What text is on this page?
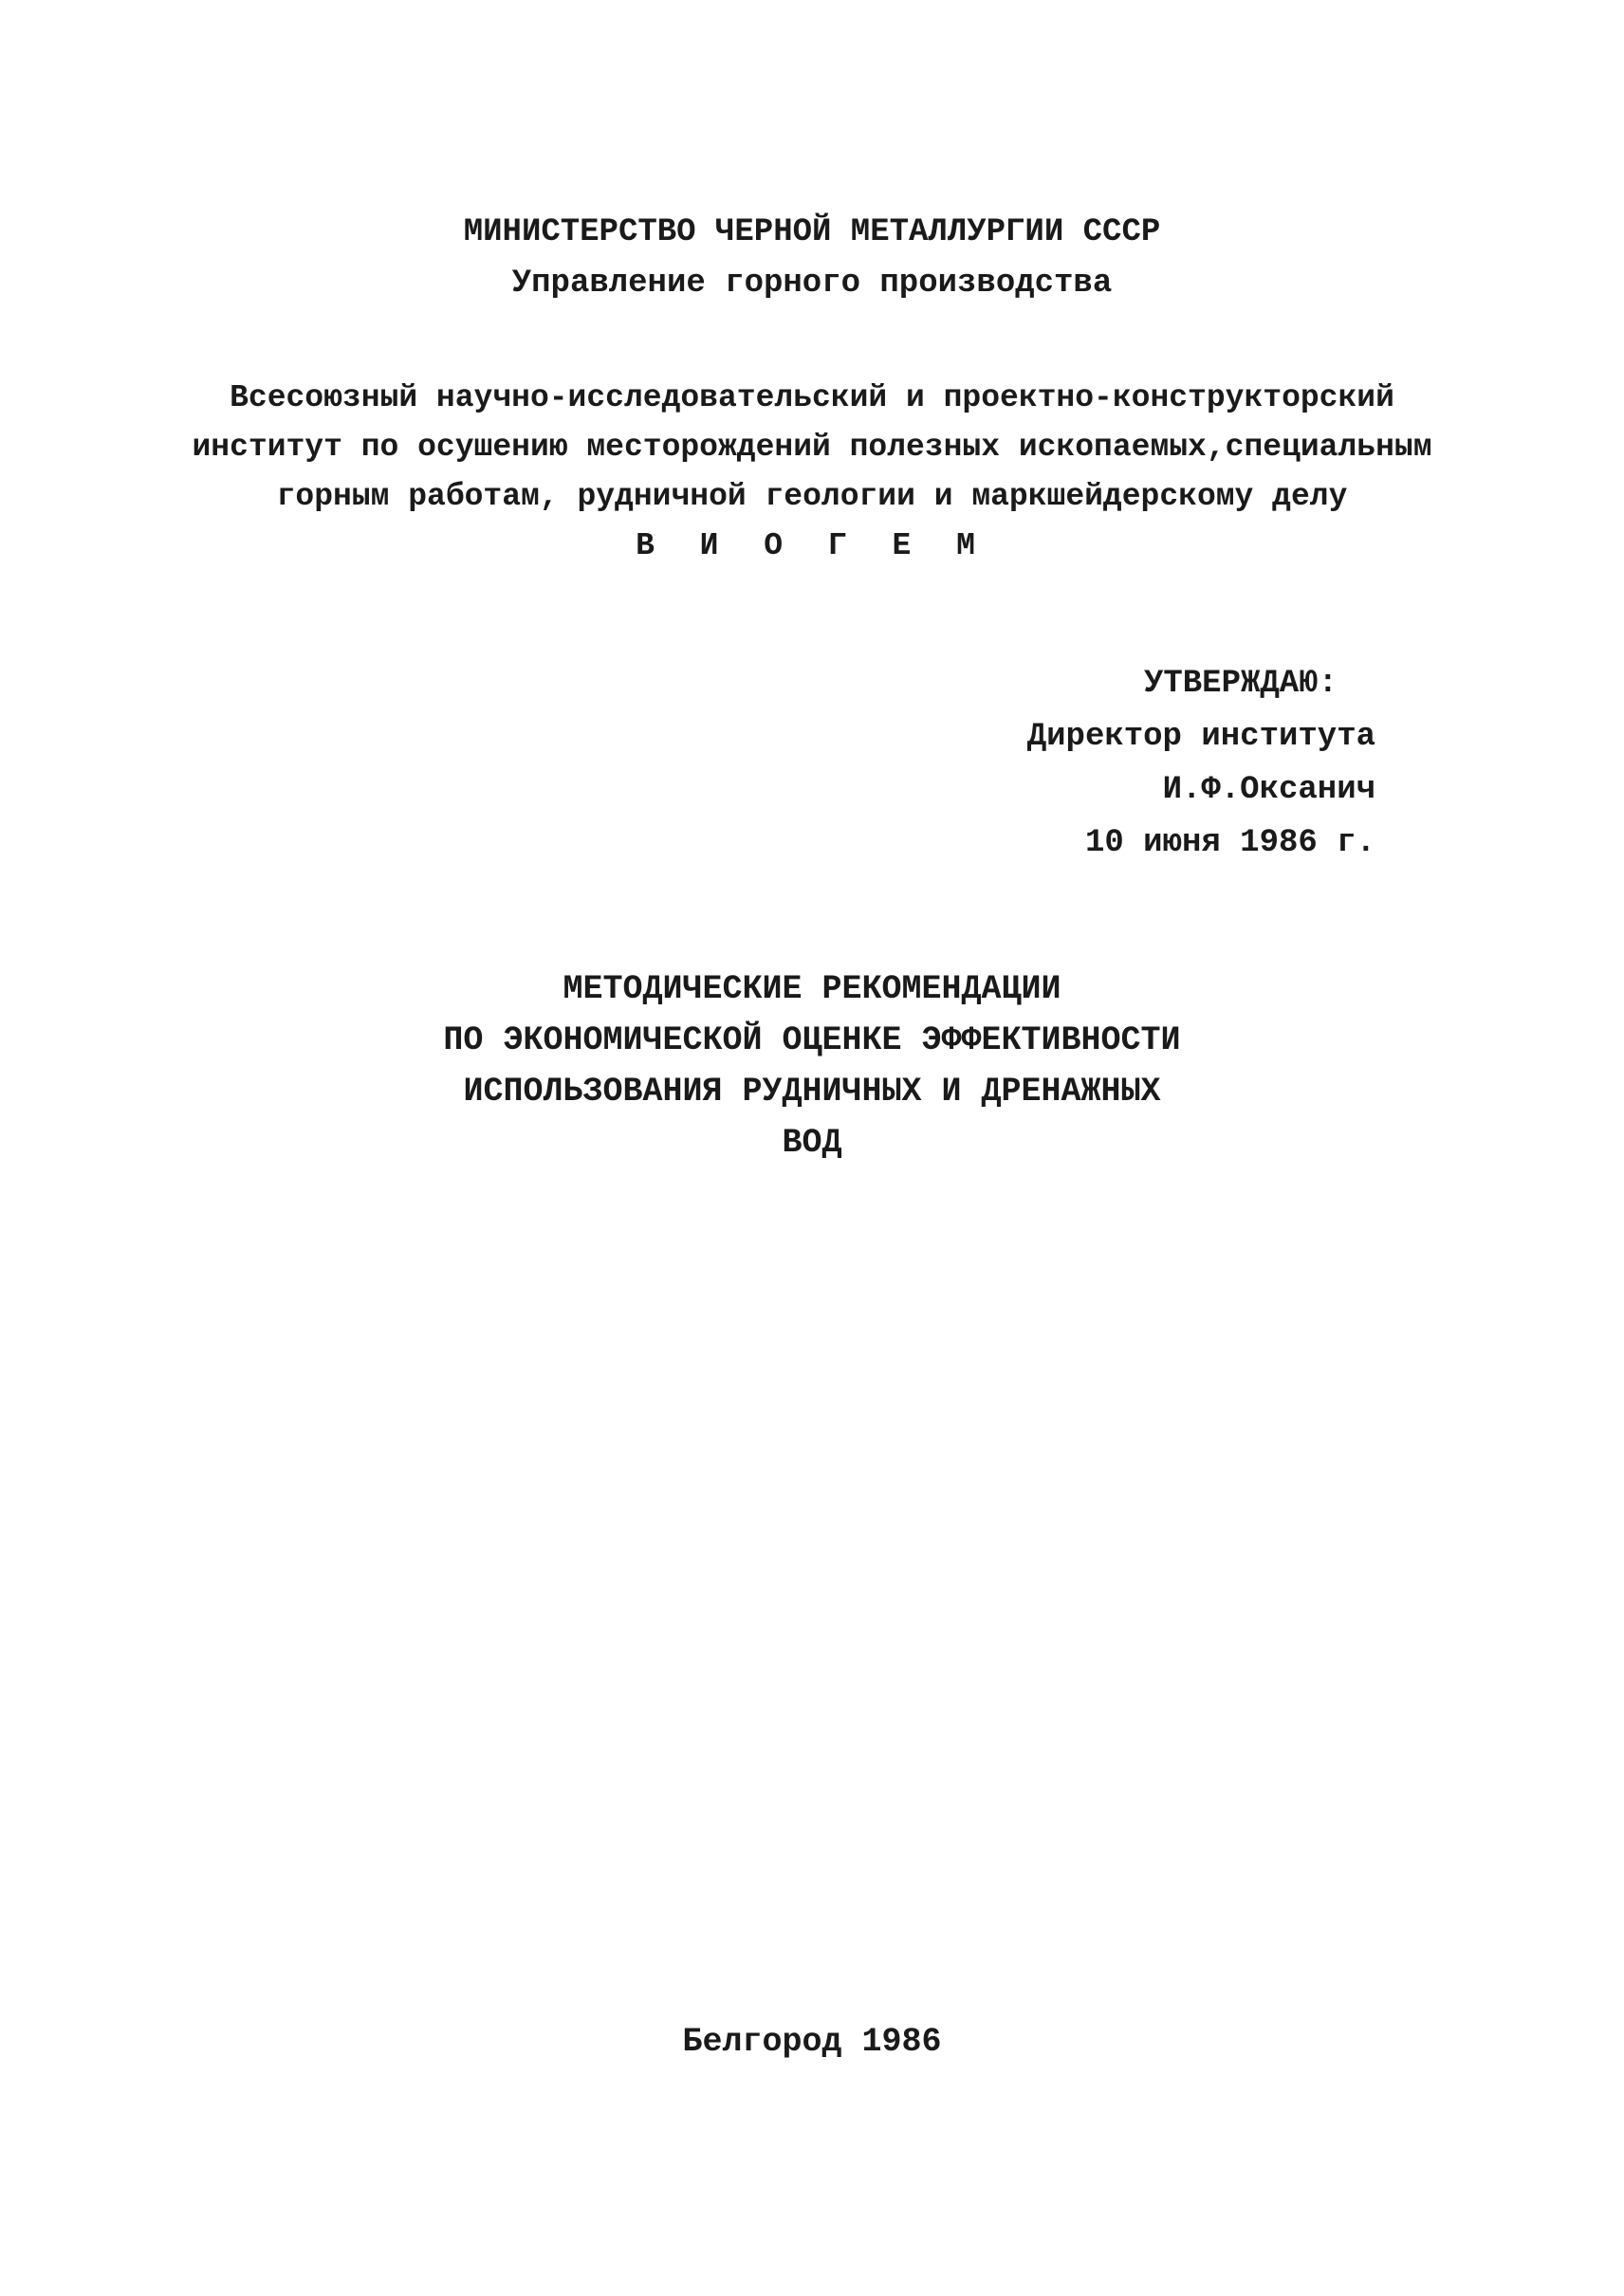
МИНИСТЕРСТВО ЧЕРНОЙ МЕТАЛЛУРГИИ СССР
Управление горного производства
Всесоюзный научно-исследовательский и проектно-конструкторский
институт по осушению месторождений полезных ископаемых,специальным
горным работам, рудничной геологии и маркшейдерскому делу
В И О Г Е М
УТВЕРЖДАЮ:
Директор института
И.Ф.Оксанич
10 июня 1986 г.
МЕТОДИЧЕСКИЕ РЕКОМЕНДАЦИИ
ПО ЭКОНОМИЧЕСКОЙ ОЦЕНКЕ ЭФФЕКТИВНОСТИ
ИСПОЛЬЗОВАНИЯ РУДНИЧНЫХ И ДРЕНАЖНЫХ
ВОД
Белгород 1986
